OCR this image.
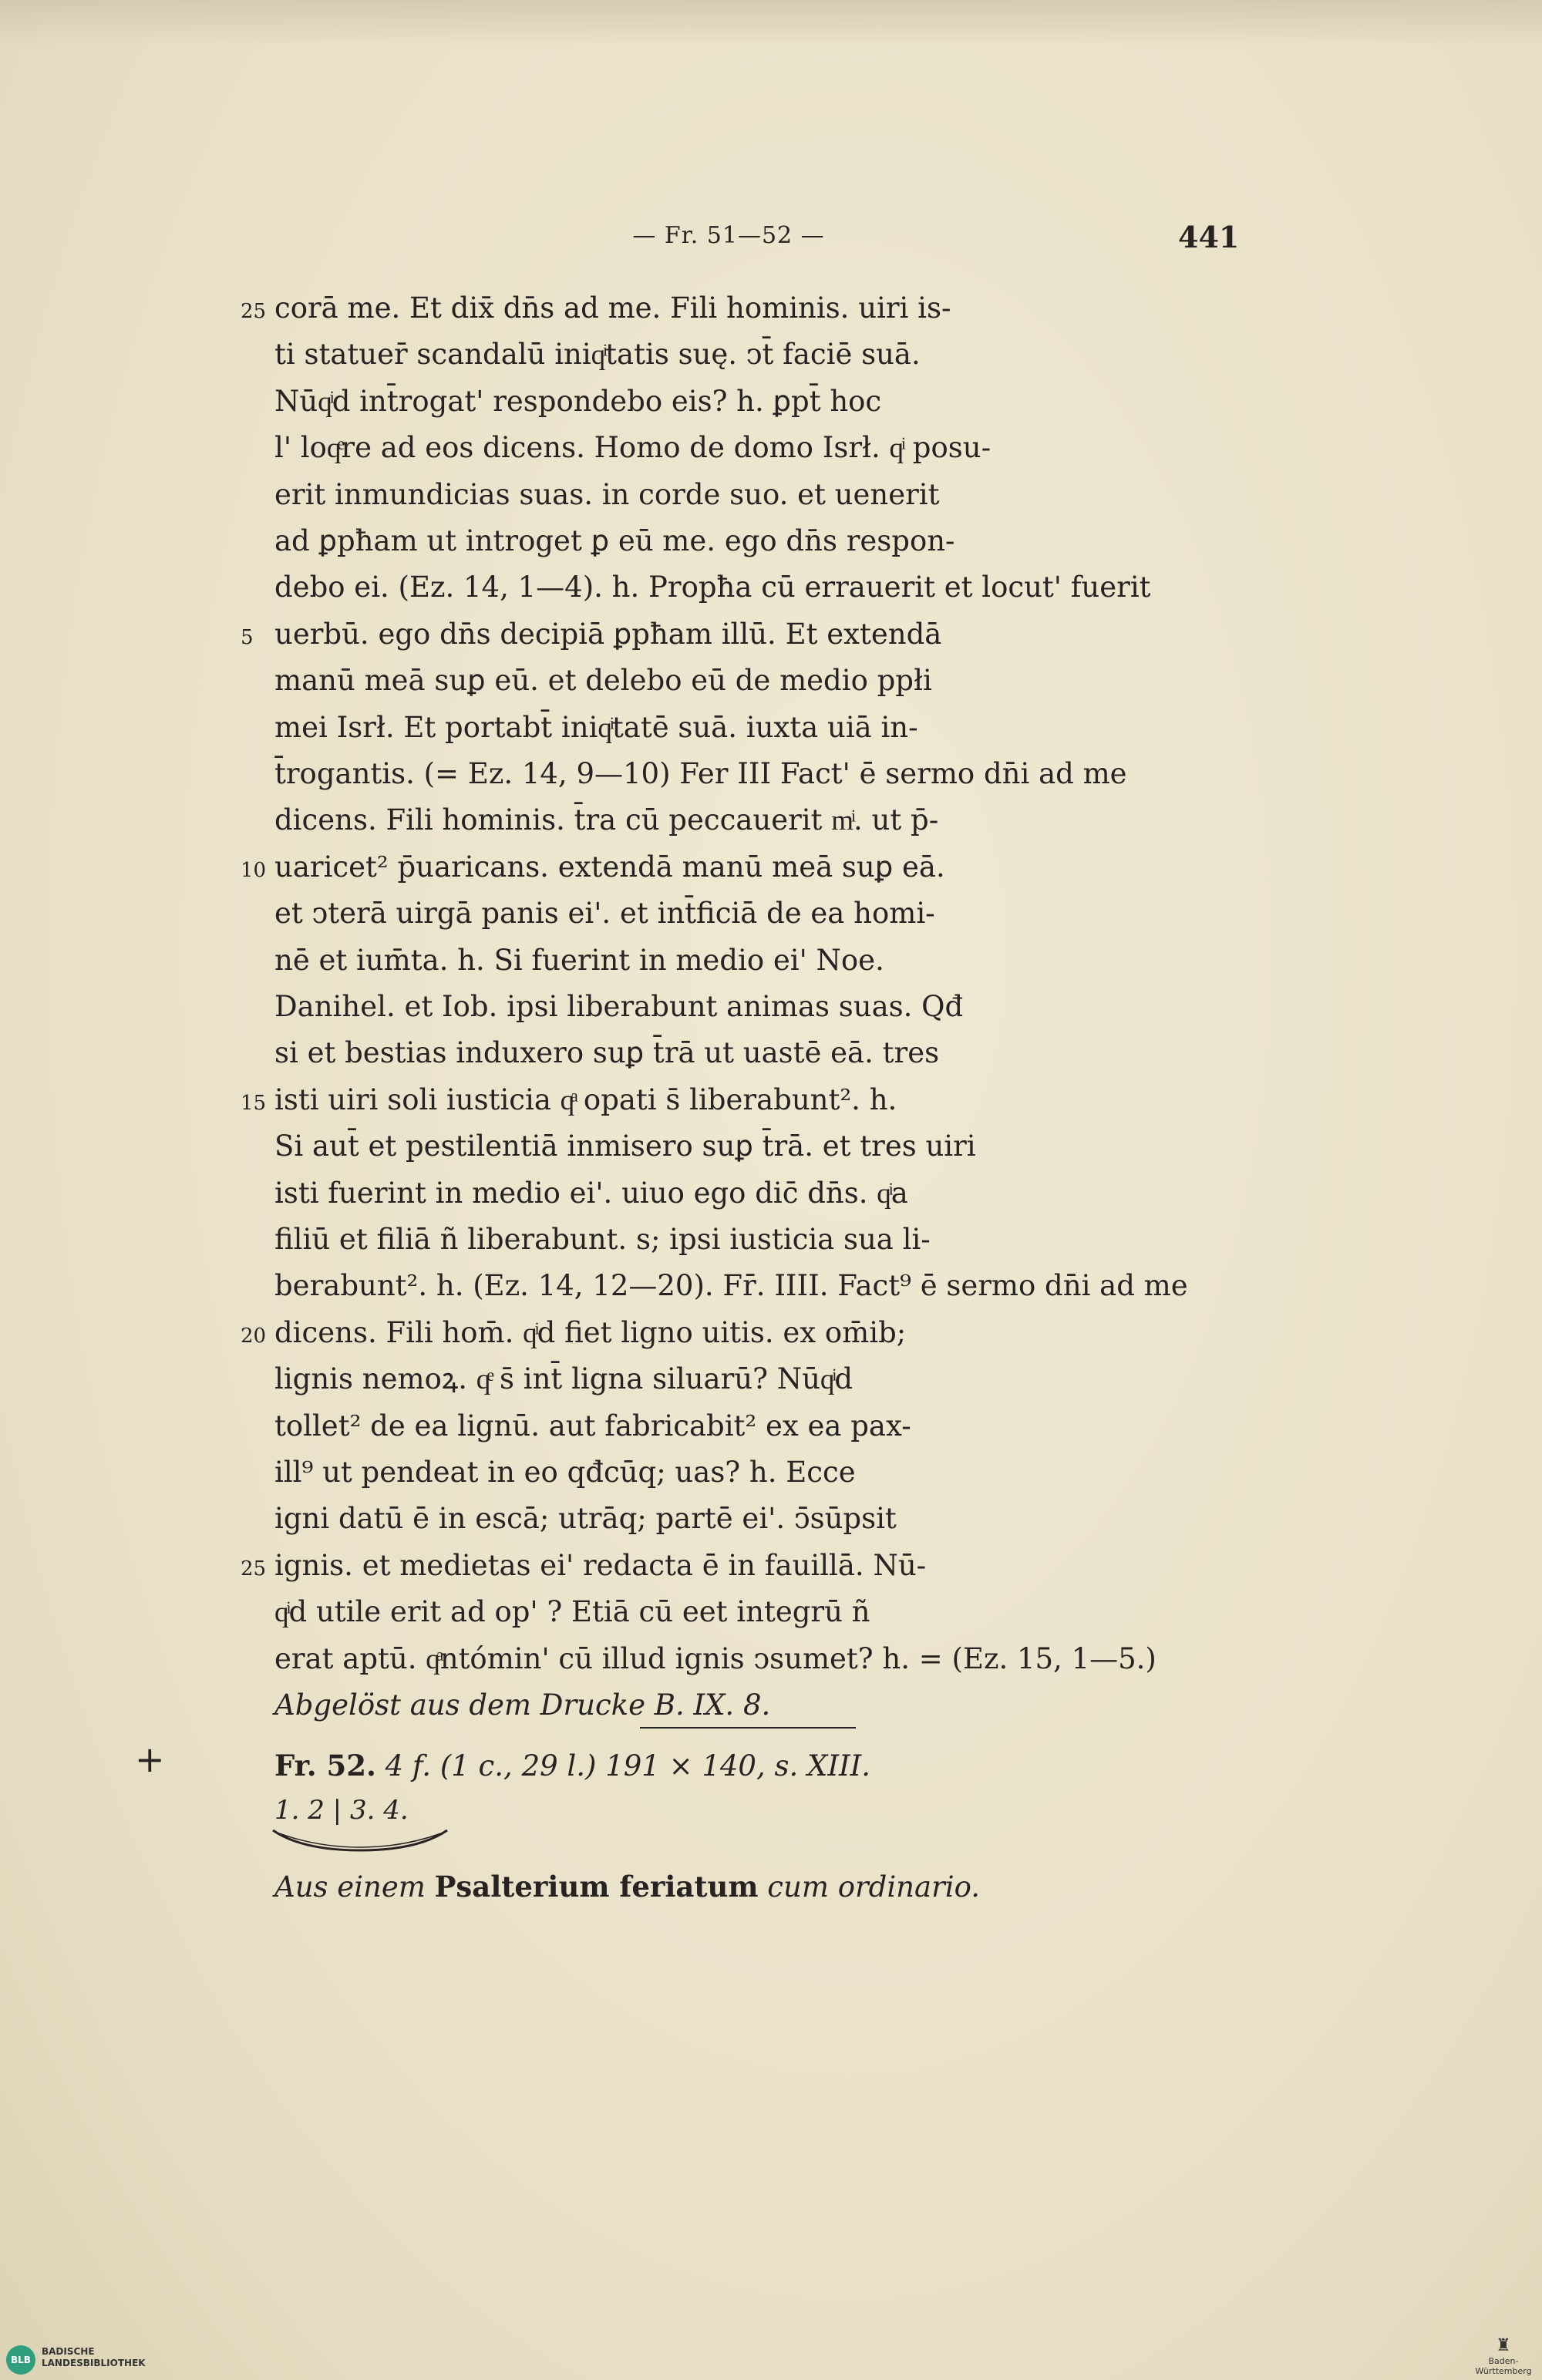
— Fr. 51—52 —	441
25 corā me. Et dix̄ dn̄s ad me. Fili hominis. uiri is-
ti statuer̄ scandalū iniqͥtatis suę. ↄt̄ faciē suā.
Nūqͥd int̄rogat' respondebo eis? h. ꝑpt̄ hoc
l' loqͤre ad eos dicens. Homo de domo Isrł. qͥ posu-
erit inmundicias suas. in corde suo. et uenerit
ad ꝑpħam ut introget ꝑ eū me. ego dn̄s respon-
debo ei. (Ez. 14, 1—4). h. Propħa cū errauerit et locut' fuerit
5 uerbū. ego dn̄s decipiā ꝑpħam illū. Et extendā
manū meā suꝑ eū. et delebo eū de medio ppłi
mei Isrł. Et portabt̄ iniqͥtatē suā. iuxta uiā in-
t̄rogantis. (= Ez. 14, 9—10) Fer III Fact' ē sermo dn̄i ad me
dicens. Fili hominis. t̄ra cū peccauerit mͥ. ut p̄-
10 uaricet² p̄uaricans. extendā manū meā suꝑ eā.
et ↄterā uirgā panis ei'. et int̄ficiā de ea homi-
nē et ium̄ta. h. Si fuerint in medio ei' Noe.
Danihel. et Iob. ipsi liberabunt animas suas. Qđ
si et bestias induxero suꝑ t̄rā ut uastē eā. tres
15 isti uiri soli iusticia qͣ opati s̄ liberabunt². h.
Si aut̄ et pestilentiā inmisero suꝑ t̄rā. et tres uiri
isti fuerint in medio ei'. uiuo ego dic̄ dn̄s. qͥa
filiū et filiā ñ liberabunt. s; ipsi iusticia sua li-
berabunt². h. (Ez. 14, 12—20). Fr̄. IIII. Fact⁹ ē sermo dn̄i ad me
20 dicens. Fili hom̄. qͥd fiet ligno uitis. ex om̄ib;
lignis nemoꝝ. qͤ s̄ int̄ ligna siluarū? Nūqͥd
tollet² de ea lignū. aut fabricabit² ex ea pax-
ill⁹ ut pendeat in eo qđcūq; uas? h. Ecce
igni datū ē in escā; utrāq; partē ei'. ↄ̄sūpsit
25 ignis. et medietas ei' redacta ē in fauillā. Nū-
qͥd utile erit ad op' ? Etiā cū eet integrū ñ
erat aptū. qͣntómin' cū illud ignis ↄsumet? h. = (Ez. 15, 1—5.)
Abgelöst aus dem Drucke B. IX. 8.
+	Fr. 52. 4 f. (1 c., 29 l.) 191 × 140, s. XIII.
1. 2 | 3. 4.
Aus einem Psalterium feriatum cum ordinario.
BLB
BADISCHE
LANDESBIBLIOTHEK
♜
Baden-Württemberg
